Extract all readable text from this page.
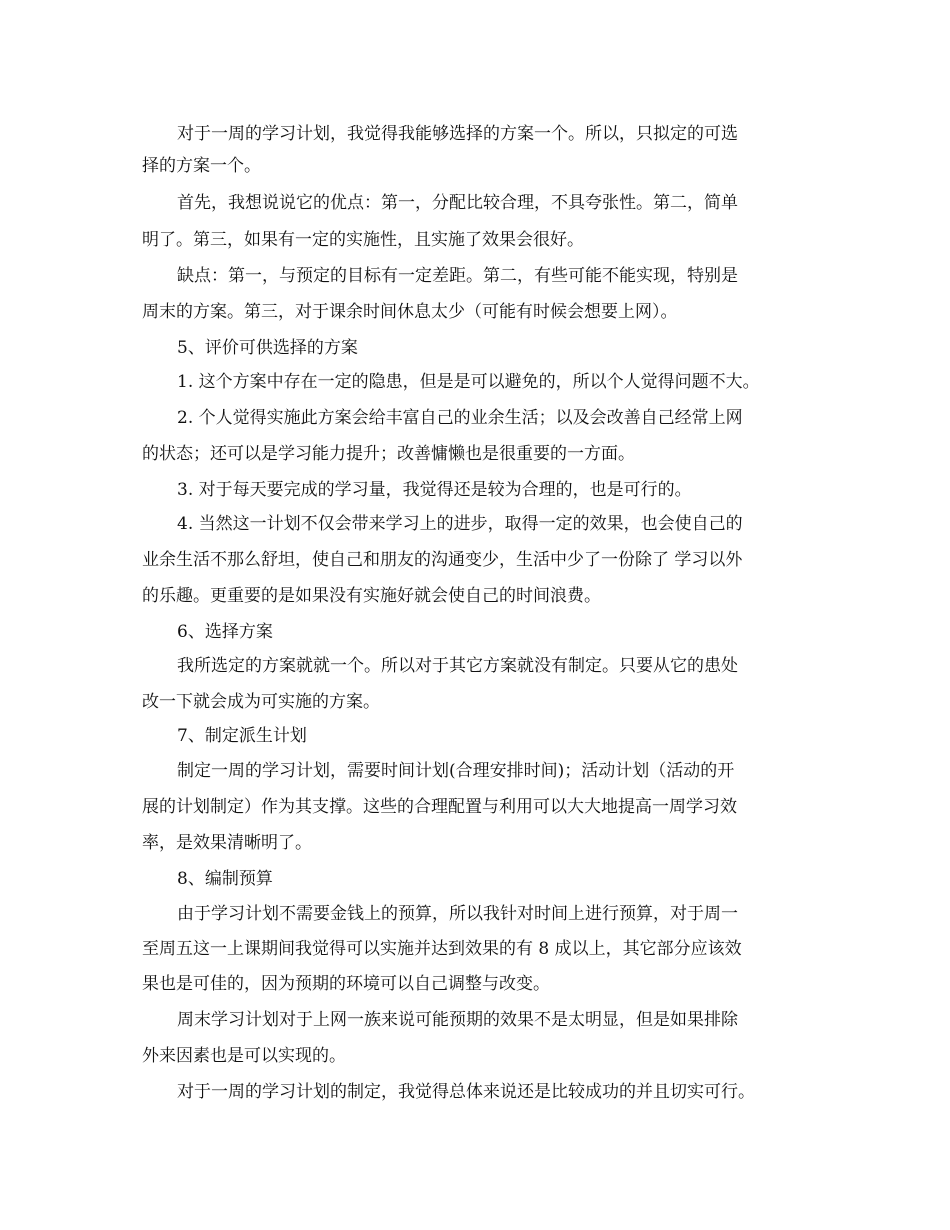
对于一周的学习计划，我觉得我能够选择的方案一个。所以，只拟定的可选
择的方案一个。
首先，我想说说它的优点：第一，分配比较合理，不具夸张性。第二，简单
明了。第三，如果有一定的实施性，且实施了效果会很好。
缺点：第一，与预定的目标有一定差距。第二，有些可能不能实现，特别是
周末的方案。第三，对于课余时间休息太少（可能有时候会想要上网）。
5、评价可供选择的方案
1. 这个方案中存在一定的隐患，但是是可以避免的，所以个人觉得问题不大。
2. 个人觉得实施此方案会给丰富自己的业余生活；以及会改善自己经常上网
的状态；还可以是学习能力提升；改善慵懒也是很重要的一方面。
3. 对于每天要完成的学习量，我觉得还是较为合理的，也是可行的。
4. 当然这一计划不仅会带来学习上的进步，取得一定的效果，也会使自己的
业余生活不那么舒坦，使自己和朋友的沟通变少，生活中少了一份除了 学习以外
的乐趣。更重要的是如果没有实施好就会使自己的时间浪费。
6、选择方案
我所选定的方案就就一个。所以对于其它方案就没有制定。只要从它的患处
改一下就会成为可实施的方案。
7、制定派生计划
制定一周的学习计划，需要时间计划(合理安排时间)；活动计划（活动的开
展的计划制定）作为其支撑。这些的合理配置与利用可以大大地提高一周学习效
率，是效果清晰明了。
8、编制预算
由于学习计划不需要金钱上的预算，所以我针对时间上进行预算，对于周一
至周五这一上课期间我觉得可以实施并达到效果的有 8 成以上，其它部分应该效
果也是可佳的，因为预期的环境可以自己调整与改变。
周末学习计划对于上网一族来说可能预期的效果不是太明显，但是如果排除
外来因素也是可以实现的。
对于一周的学习计划的制定，我觉得总体来说还是比较成功的并且切实可行。
